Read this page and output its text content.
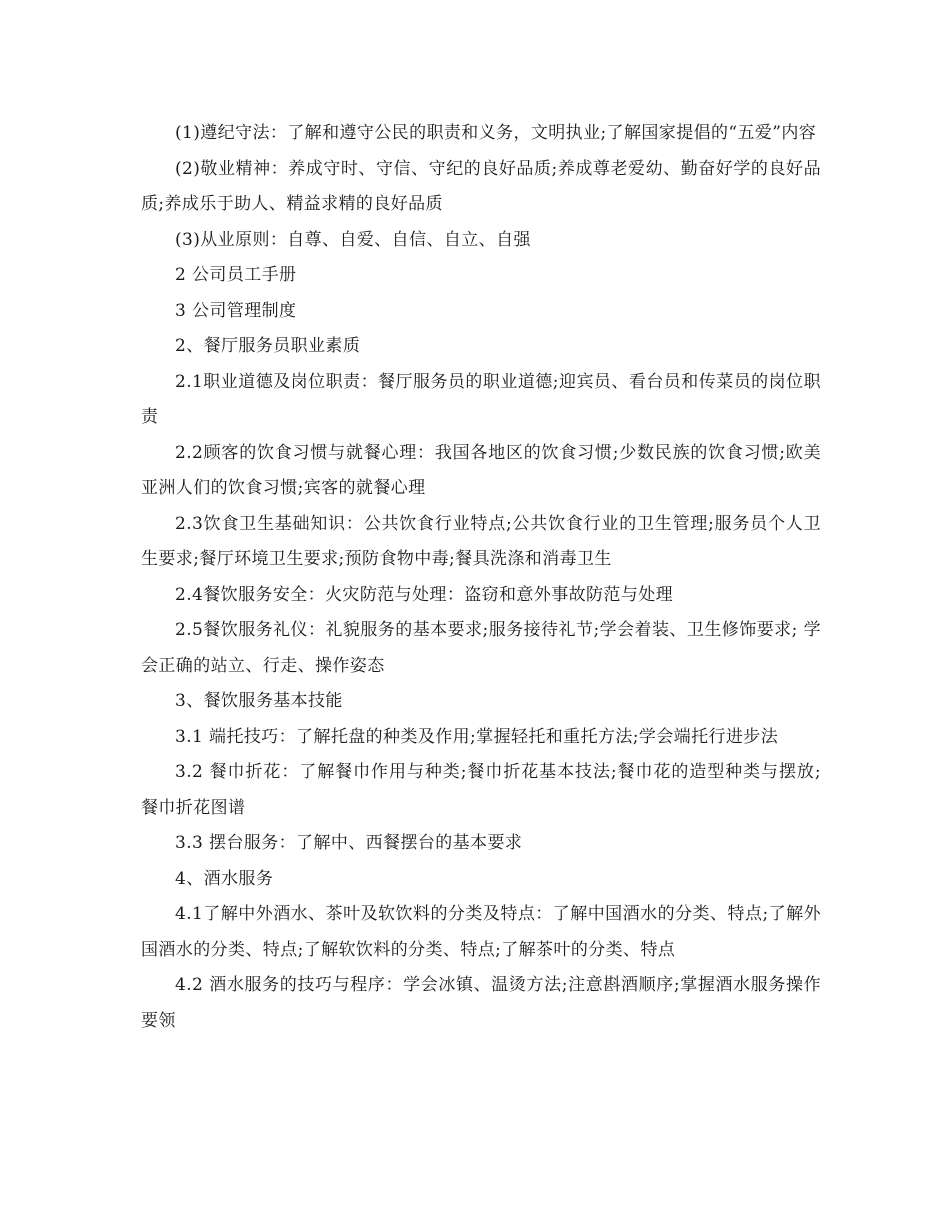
(1)遵纪守法：了解和遵守公民的职责和义务，文明执业;了解国家提倡的“五爱”内容

(2)敬业精神：养成守时、守信、守纪的良好品质;养成尊老爱幼、勤奋好学的良好品质;养成乐于助人、精益求精的良好品质

(3)从业原则：自尊、自爱、自信、自立、自强

2 公司员工手册

3 公司管理制度

2、餐厅服务员职业素质

2.1职业道德及岗位职责：餐厅服务员的职业道德;迎宾员、看台员和传菜员的岗位职责

2.2顾客的饮食习惯与就餐心理：我国各地区的饮食习惯;少数民族的饮食习惯;欧美亚洲人们的饮食习惯;宾客的就餐心理

2.3饮食卫生基础知识：公共饮食行业特点;公共饮食行业的卫生管理;服务员个人卫生要求;餐厅环境卫生要求;预防食物中毒;餐具洗涤和消毒卫生

2.4餐饮服务安全：火灾防范与处理：盗窃和意外事故防范与处理

2.5餐饮服务礼仪：礼貌服务的基本要求;服务接待礼节;学会着装、卫生修饰要求; 学会正确的站立、行走、操作姿态

3、餐饮服务基本技能

3.1 端托技巧：了解托盘的种类及作用;掌握轻托和重托方法;学会端托行进步法

3.2 餐巾折花：了解餐巾作用与种类;餐巾折花基本技法;餐巾花的造型种类与摆放; 餐巾折花图谱

3.3 摆台服务：了解中、西餐摆台的基本要求

4、酒水服务

4.1了解中外酒水、茶叶及软饮料的分类及特点：了解中国酒水的分类、特点;了解外国酒水的分类、特点;了解软饮料的分类、特点;了解茶叶的分类、特点

4.2 酒水服务的技巧与程序：学会冰镇、温烫方法;注意斟酒顺序;掌握酒水服务操作要领
